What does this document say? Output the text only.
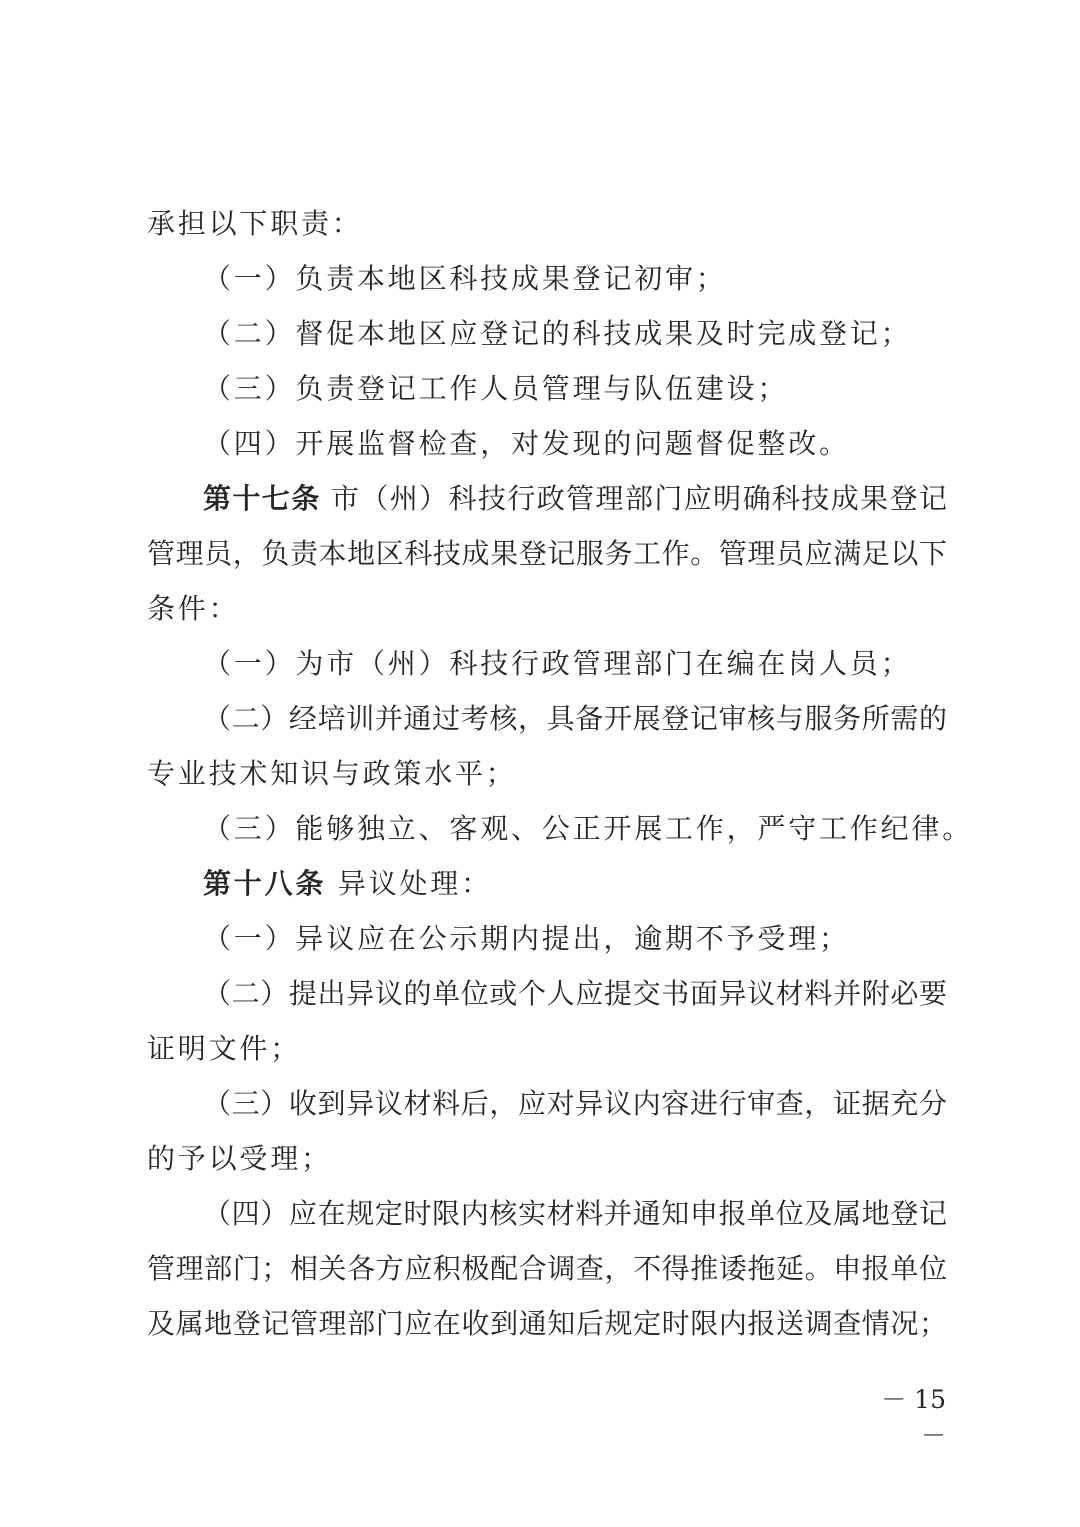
承担以下职责：
（一）负责本地区科技成果登记初审；
（二）督促本地区应登记的科技成果及时完成登记；
（三）负责登记工作人员管理与队伍建设；
（四）开展监督检查，对发现的问题督促整改。
第十七条 市（州）科技行政管理部门应明确科技成果登记
管理员，负责本地区科技成果登记服务工作。管理员应满足以下
条件：
（一）为市（州）科技行政管理部门在编在岗人员；
（二）经培训并通过考核，具备开展登记审核与服务所需的
专业技术知识与政策水平；
（三）能够独立、客观、公正开展工作，严守工作纪律。
第十八条 异议处理：
（一）异议应在公示期内提出，逾期不予受理；
（二）提出异议的单位或个人应提交书面异议材料并附必要
证明文件；
（三）收到异议材料后，应对异议内容进行审查，证据充分
的予以受理；
（四）应在规定时限内核实材料并通知申报单位及属地登记
管理部门；相关各方应积极配合调查，不得推诿拖延。申报单位
及属地登记管理部门应在收到通知后规定时限内报送调查情况；
－ 15 －
